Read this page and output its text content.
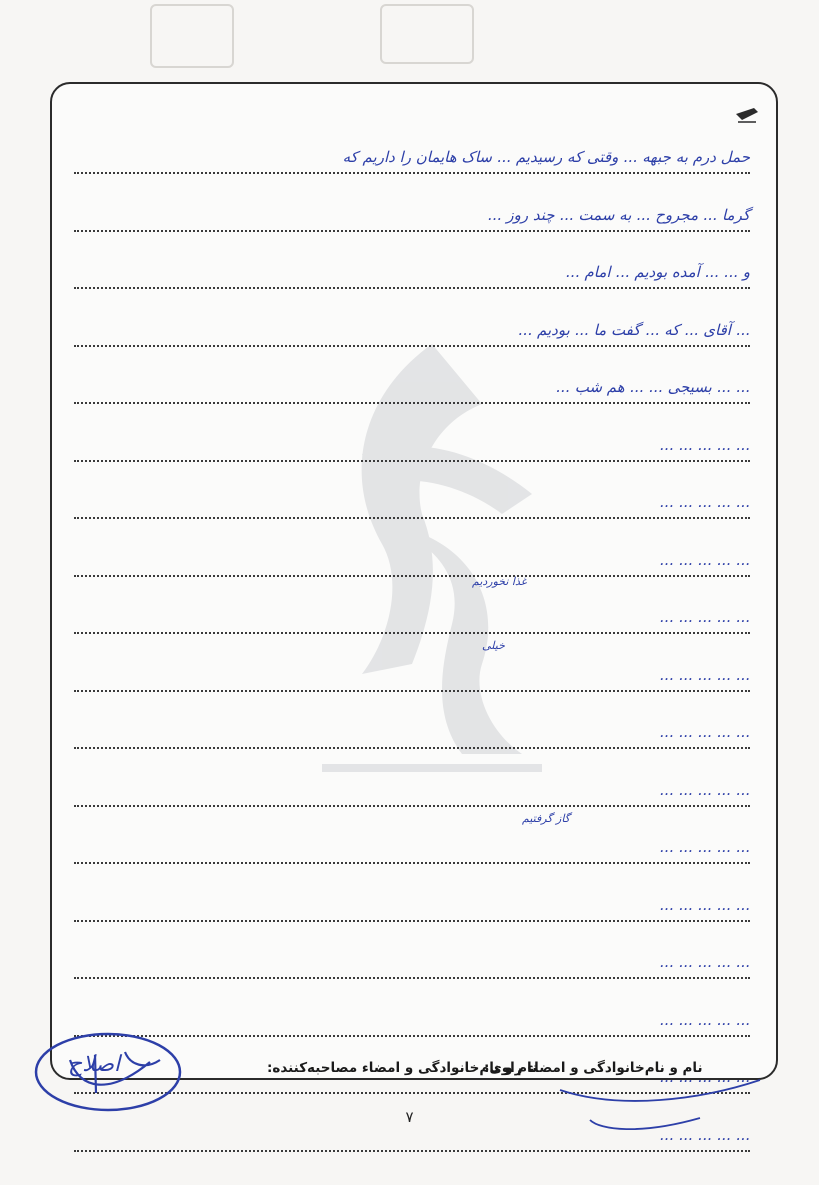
حمل درم به جبهه ... وقتی که رسیدیم ... ساک هایمان را داریم که
گرما ... مجروح ... به سمت ... چند روز ...
و ... ... آمده بودیم ... امام ...
... آقای ... که ... گفت ما ... بودیم ...
... ... بسیجی ... ... هم شب ...
... ... ... ... ...
... ... ... ... ...
... ... ... ... ...
... ... ... ... ...
... ... ... ... ...
... ... ... ... ...
... ... ... ... ...
... ... ... ... ...
... ... ... ... ...
... ... ... ... ...
... ... ... ... ...
... ... ... ... ...
... ... ... ... ...
غذا نخوردیم
خیلی
گاز گرفتیم
نام و نام‌خانوادگی و امضاء مصاحبه‌کننده:
نام و نام‌خانوادگی و امضاء راوی:
اصلاح
۷
